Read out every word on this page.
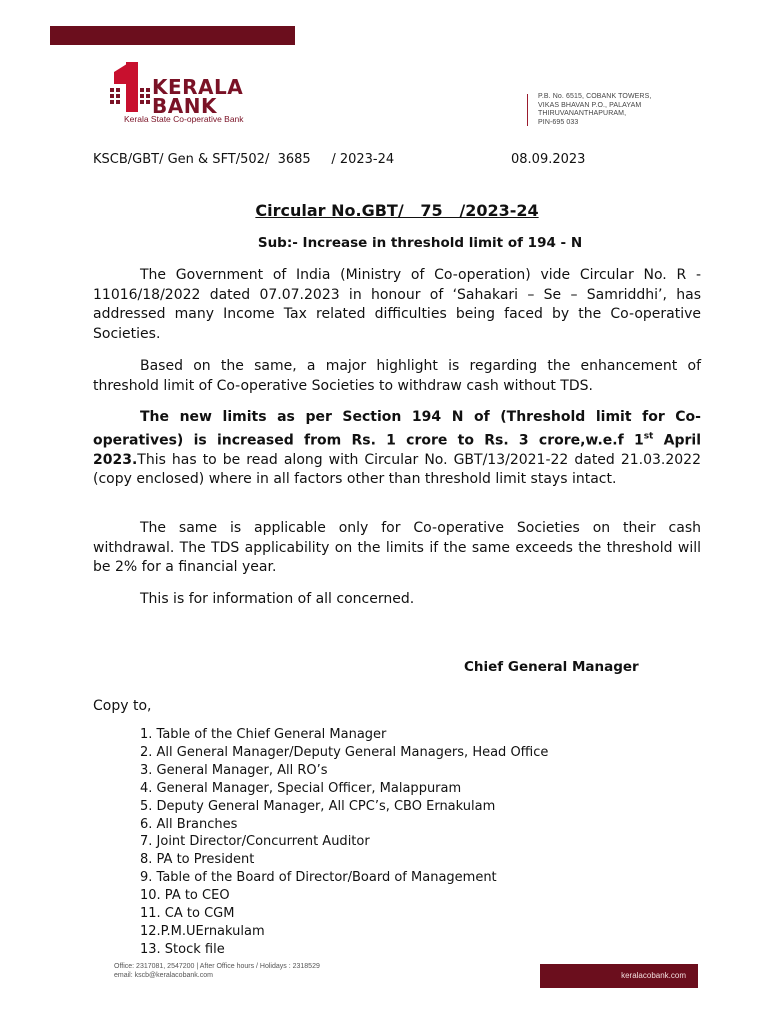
KERALA
BANK
Kerala State Co-operative Bank
P.B. No. 6515, COBANK TOWERS,
VIKAS BHAVAN P.O., PALAYAM
THIRUVANANTHAPURAM,
PIN-695 033
KSCB/GBT/ Gen & SFT/502/  3685     / 2023-24	08.09.2023
Circular No.GBT/   75   /2023-24
Sub:- Increase in threshold limit of 194 - N
The Government of India (Ministry of Co-operation) vide Circular No. R - 11016/18/2022 dated 07.07.2023 in honour of ‘Sahakari – Se – Samriddhi’, has addressed many Income Tax related difficulties being faced by the Co-operative Societies.
Based on the same, a major highlight is regarding the enhancement of threshold limit of Co-operative Societies to withdraw cash without TDS.
The new limits as per Section 194 N of (Threshold limit for Co-operatives) is increased from Rs. 1 crore to Rs. 3 crore,w.e.f 1st April 2023.This has to be read along with Circular No. GBT/13/2021-22 dated 21.03.2022 (copy enclosed) where in all factors other than threshold limit stays intact.
The same is applicable only for Co-operative Societies on their cash withdrawal. The TDS applicability on the limits if the same exceeds the threshold will be 2% for a financial year.
This is for information of all concerned.
Chief General Manager
Copy to,
1. Table of the Chief General Manager
2. All General Manager/Deputy General Managers, Head Office
3. General Manager, All RO’s
4. General Manager, Special Officer, Malappuram
5. Deputy General Manager, All CPC’s, CBO Ernakulam
6. All Branches
7. Joint Director/Concurrent Auditor
8. PA to President
9. Table of the Board of Director/Board of Management
10. PA to CEO
11. CA to CGM
12.P.M.UErnakulam
13. Stock file
Office: 2317081, 2547200 | After Office hours / Holidays : 2318529
email: kscb@keralacobank.com	keralacobank.com
